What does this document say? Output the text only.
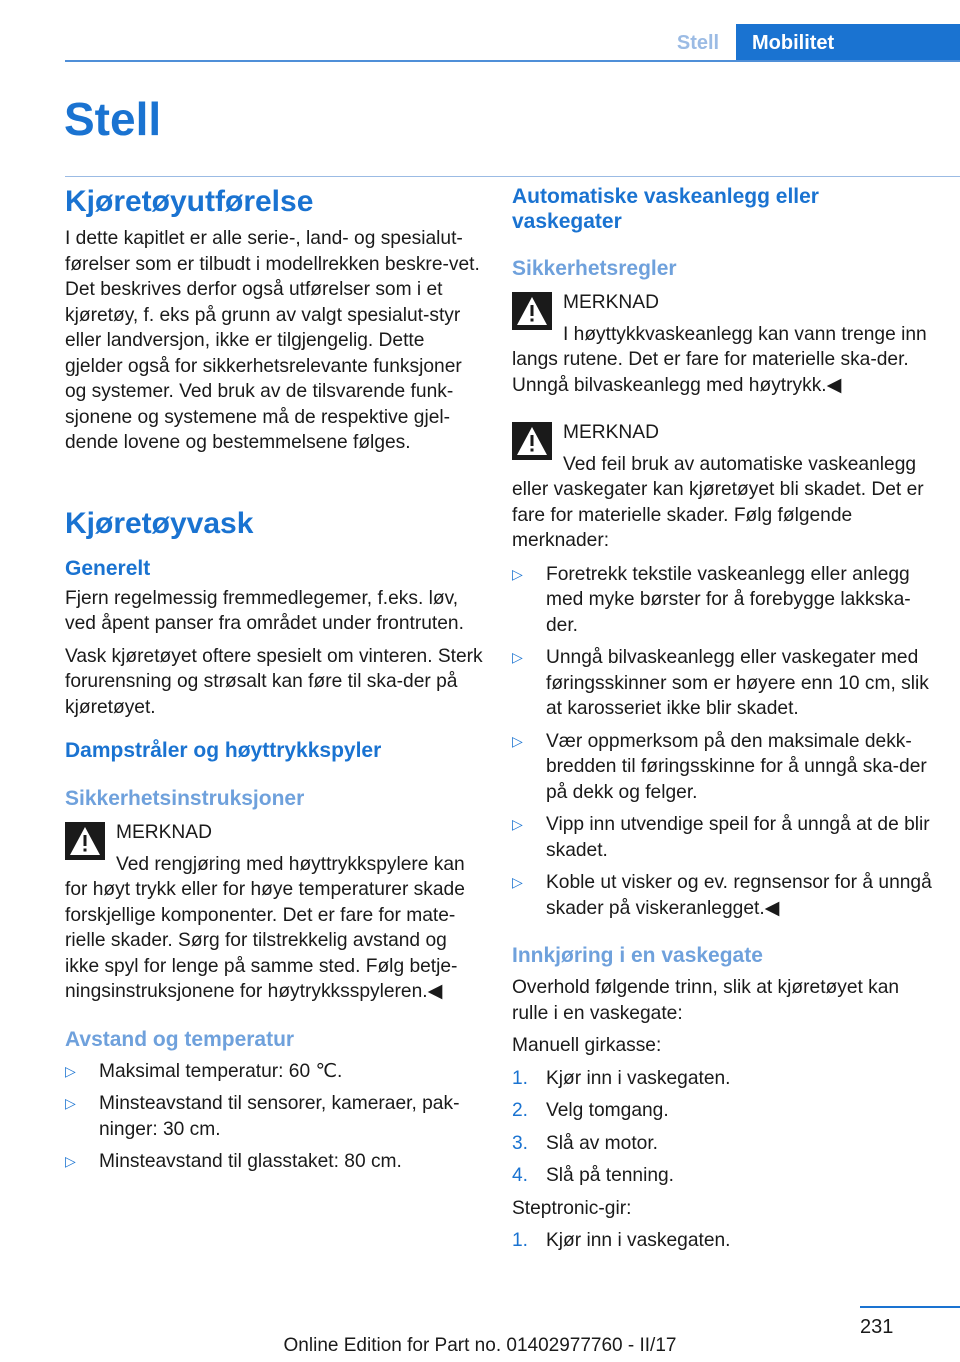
Stell	Mobilitet
Stell
Kjøretøyutførelse

I dette kapitlet er alle serie-, land- og spesialut-førelser som er tilbudt i modellrekken beskre-vet. Det beskrives derfor også utførelser som i et kjøretøy, f. eks på grunn av valgt spesialut-styr eller landversjon, ikke er tilgjengelig. Dette gjelder også for sikkerhetsrelevante funksjoner og systemer. Ved bruk av de tilsvarende funk-sjonene og systemene må de respektive gjel-dende lovene og bestemmelsene følges.

Kjøretøyvask
Generelt

Fjern regelmessig fremmedlegemer, f.eks. løv, ved åpent panser fra området under frontruten.

Vask kjøretøyet oftere spesielt om vinteren. Sterk forurensning og strøsalt kan føre til ska-der på kjøretøyet.

Dampstråler og høyttrykkspyler
Sikkerhetsinstruksjoner
MERKNAD

Ved rengjøring med høyttrykkspylere kan for høyt trykk eller for høye temperaturer skade forskjellige komponenter. Det er fare for mate-rielle skader. Sørg for tilstrekkelig avstand og ikke spyl for lenge på samme sted. Følg betje-ningsinstruksjonene for høytrykksspyleren.◀

Avstand og temperatur
▷ Maksimal temperatur: 60 ℃.
▷ Minsteavstand til sensorer, kameraer, pak-ninger: 30 cm.
▷ Minsteavstand til glasstaket: 80 cm.
Automatiske vaskeanlegg eller vaskegater
Sikkerhetsregler
MERKNAD

I høyttykkvaskeanlegg kan vann trenge inn langs rutene. Det er fare for materielle ska-der. Unngå bilvaskeanlegg med høytrykk.◀

MERKNAD

Ved feil bruk av automatiske vaskeanlegg eller vaskegater kan kjøretøyet bli skadet. Det er fare for materielle skader. Følg følgende merknader:

▷ Foretrekk tekstile vaskeanlegg eller anlegg med myke børster for å forebygge lakkska-der.
▷ Unngå bilvaskeanlegg eller vaskegater med føringsskinner som er høyere enn 10 cm, slik at karosseriet ikke blir skadet.
▷ Vær oppmerksom på den maksimale dekk-bredden til føringsskinne for å unngå ska-der på dekk og felger.
▷ Vipp inn utvendige speil for å unngå at de blir skadet.
▷ Koble ut visker og ev. regnsensor for å unngå skader på viskeranlegget.◀
Innkjøring i en vaskegate

Overhold følgende trinn, slik at kjøretøyet kan rulle i en vaskegate:

Manuell girkasse:

1. Kjør inn i vaskegaten.
2. Velg tomgang.
3. Slå av motor.
4. Slå på tenning.

Steptronic-gir:

1. Kjør inn i vaskegaten.
231
Online Edition for Part no. 01402977760 - II/17
